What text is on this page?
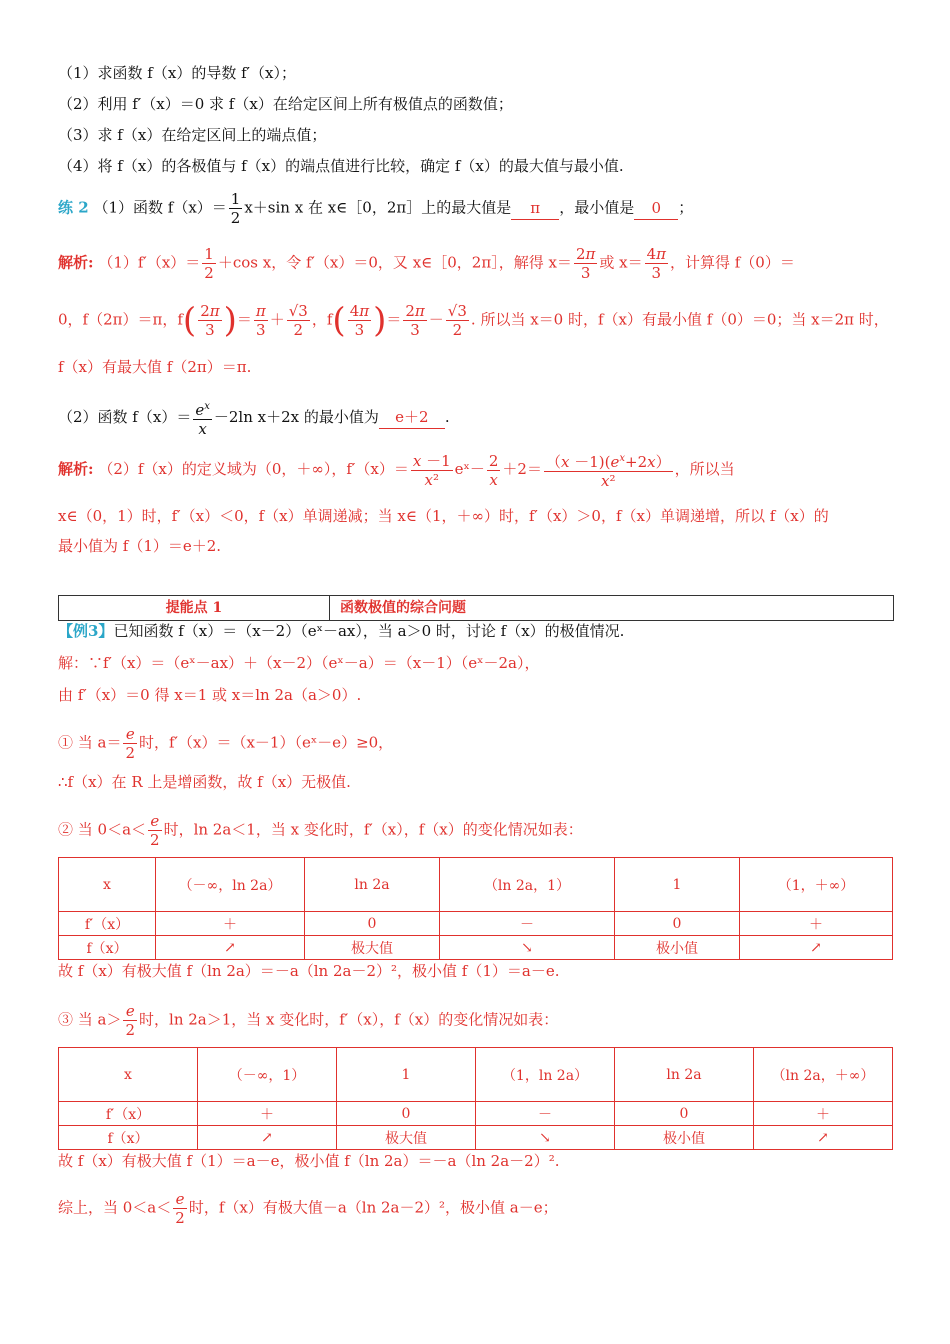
（1）求函数 f（x）的导数 f′（x）；
（2）利用 f′（x）＝0 求 f（x）在给定区间上所有极值点的函数值；
（3）求 f（x）在给定区间上的端点值；
（4）将 f（x）的各极值与 f（x）的端点值进行比较，确定 f（x）的最大值与最小值.
练 2 （1）函数 $f(x)= \frac{1}{2} x+\sin$ x 在 x∈［0，2π］上的最大值是 π ，最小值是 0 ；
解析: $(1)f'(x)= \frac{1}{2} +\cos$ x，令 f′（x）＝0，又 x∈［0，2π］，解得 $x= \frac{2\pi}{3}$ 或 $x= \frac{4\pi}{3}$ ，计算得 f（0）＝
0，f（2π）＝π，$f( \frac{2\pi}{3}$ )＝ $\frac{\pi}{3} + \frac{√3}{2}$ ，$f( \frac{4\pi}{3}$ )＝ $\frac{2\pi}{3} - \frac{√3}{2}$ . 所以当 x＝0 时，f（x）有最小值 f（0）＝0；当 x＝2π 时，
f（x）有最大值 f（2π）＝π.
（2）函数 $f(x)= \frac{e^x}{x} -2\ln$ x＋2x 的最小值为 e＋2 .
解析: （2）f（x）的定义域为（0，＋∞），$f'(x)= \frac{x -1}{\text{x²}}$ eˣ－ $\frac{2}{x} +2= \frac{(x -1)(e^x+2x)}{\text{x²}}$ ，所以当
x∈（0，1）时，f′（x）＜0，f（x）单调递减；当 x∈（1，＋∞）时，f′（x）＞0，f（x）单调递增，所以 f（x）的
最小值为 f（1）＝e＋2.
提能点 1	函数极值的综合问题
【例3】已知函数 f（x）＝（x－2）（eˣ－ax），当 a＞0 时，讨论 f（x）的极值情况.
解：∵f′（x）＝（eˣ－ax）＋（x－2）（eˣ－a）＝（x－1）（eˣ－2a），
由 f′（x）＝0 得 x＝1 或 x＝ln 2a（a＞0）.
① 当 $a= \frac{e}{2}$ 时，f′（x）＝（x－1）（eˣ－e）≥0，
∴f（x）在 R 上是增函数，故 f（x）无极值.
② 当 $0<a< \frac{e}{2}$ 时，ln 2a＜1，当 x 变化时，f′（x），f（x）的变化情况如表：
x	（－∞，ln 2a）	ln 2a	（ln 2a，1）	1	（1，＋∞）
f′（x）	＋	0	－	0	＋
f（x）	↗	极大值	↘	极小值	↗
故 f（x）有极大值 f（ln 2a）＝－a（ln 2a－2）²，极小值 f（1）＝a－e.
③ 当 $a> \frac{e}{2}$ 时，ln 2a＞1，当 x 变化时，f′（x），f（x）的变化情况如表：
x	（－∞，1）	1	（1，ln 2a）	ln 2a	（ln 2a，＋∞）
f′（x）	＋	0	－	0	＋
f（x）	↗	极大值	↘	极小值	↗
故 f（x）有极大值 f（1）＝a－e，极小值 f（ln 2a）＝－a（ln 2a－2）².
综上，当 $0<a< \frac{e}{2}$ 时，f（x）有极大值－a（ln 2a－2）²，极小值 a－e；
